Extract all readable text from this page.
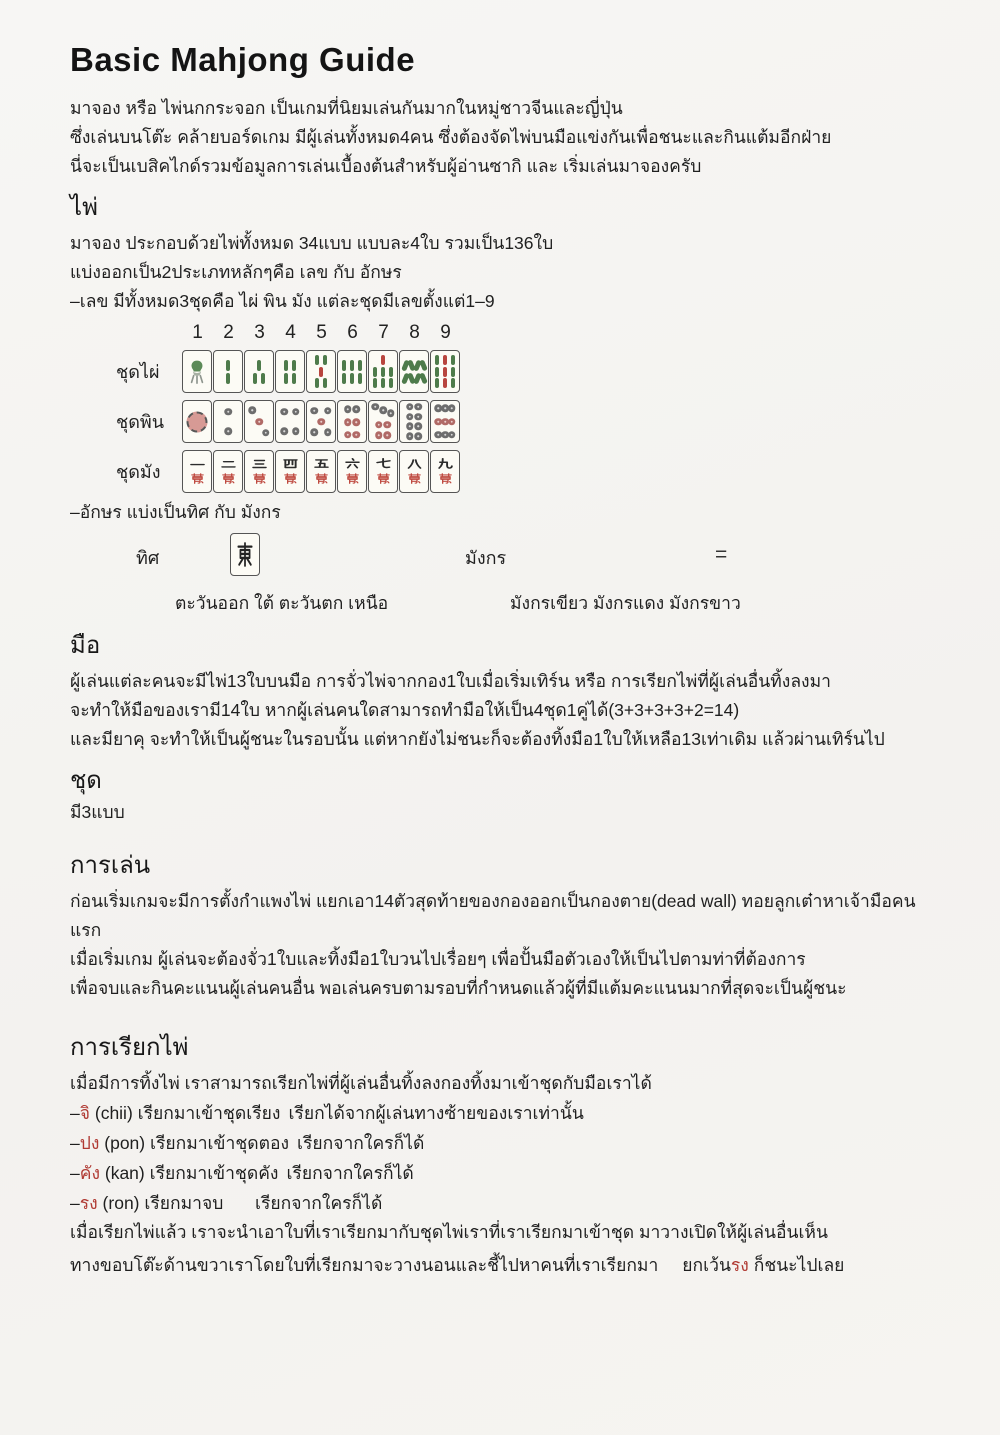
Basic Mahjong Guide

มาจอง หรือ ไพ่นกกระจอก เป็นเกมที่นิยมเล่นกันมากในหมู่ชาวจีนและญี่ปุ่น

ซึ่งเล่นบนโต๊ะ คล้ายบอร์ดเกม มีผู้เล่นทั้งหมด4คน ซึ่งต้องจัดไพ่บนมือแข่งกันเพื่อชนะและกินแต้มอีกฝ่าย

นี่จะเป็นเบสิคไกด์รวมข้อมูลการเล่นเบื้องต้นสำหรับผู้อ่านซากิ และ เริ่มเล่นมาจองครับ

ไพ่

มาจอง ประกอบด้วยไพ่ทั้งหมด 34แบบ แบบละ4ใบ รวมเป็น136ใบ

แบ่งออกเป็น2ประเภทหลักๆคือ เลข กับ อักษร

–เลข มีทั้งหมด3ชุดคือ ไผ่ พิน มัง แต่ละชุดมีเลขตั้งแต่1–9

1	2	3	4	5	6	7	8	9
ชุดไผ่
ชุดพิน
ชุดมัง

–อักษร แบ่งเป็นทิศ กับ มังกร

ทิศ	มังกร	=
ตะวันออก ใต้ ตะวันตก เหนือ	มังกรเขียว มังกรแดง มังกรขาว
มือ

ผู้เล่นแต่ละคนจะมีไพ่13ใบบนมือ การจั่วไพ่จากกอง1ใบเมื่อเริ่มเทิร์น หรือ การเรียกไพ่ที่ผู้เล่นอื่นทิ้งลงมา

จะทำให้มือของเรามี14ใบ หากผู้เล่นคนใดสามารถทำมือให้เป็น4ชุด1คู่ได้(3+3+3+3+2=14)

และมียาคุ จะทำให้เป็นผู้ชนะในรอบนั้น แต่หากยังไม่ชนะก็จะต้องทิ้งมือ1ใบให้เหลือ13เท่าเดิม แล้วผ่านเทิร์นไป

ชุด

มี3แบบ

การเล่น

ก่อนเริ่มเกมจะมีการตั้งกำแพงไพ่ แยกเอา14ตัวสุดท้ายของกองออกเป็นกองตาย(dead wall) ทอยลูกเต๋าหาเจ้ามือคนแรก

เมื่อเริ่มเกม ผู้เล่นจะต้องจั่ว1ใบและทิ้งมือ1ใบวนไปเรื่อยๆ เพื่อปั้นมือตัวเองให้เป็นไปตามท่าที่ต้องการ

เพื่อจบและกินคะแนนผู้เล่นคนอื่น พอเล่นครบตามรอบที่กำหนดแล้วผู้ที่มีแต้มคะแนนมากที่สุดจะเป็นผู้ชนะ

การเรียกไพ่

เมื่อมีการทิ้งไพ่ เราสามารถเรียกไพ่ที่ผู้เล่นอื่นทิ้งลงกองทิ้งมาเข้าชุดกับมือเราได้

–จิ (chii) เรียกมาเข้าชุดเรียง เรียกได้จากผู้เล่นทางซ้ายของเราเท่านั้น
–ปง (pon) เรียกมาเข้าชุดตอง เรียกจากใครก็ได้
–คัง (kan) เรียกมาเข้าชุดคัง เรียกจากใครก็ได้
–รง (ron) เรียกมาจบ	เรียกจากใครก็ได้

เมื่อเรียกไพ่แล้ว เราจะนำเอาใบที่เราเรียกมากับชุดไพ่เราที่เราเรียกมาเข้าชุด มาวางเปิดให้ผู้เล่นอื่นเห็น

ทางขอบโต๊ะด้านขวาเราโดยใบที่เรียกมาจะวางนอนและชี้ไปหาคนที่เราเรียกมา ยกเว้นรง ก็ชนะไปเลย
